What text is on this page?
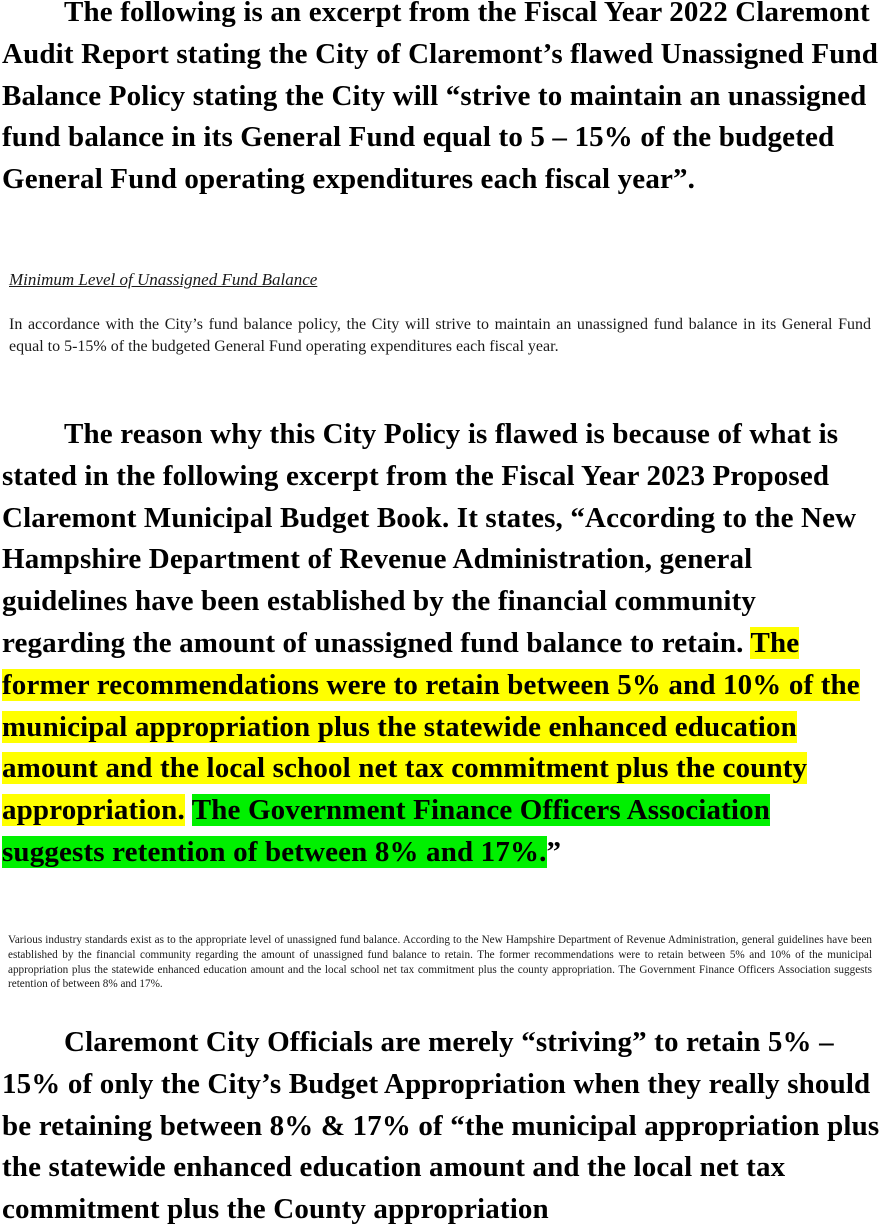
The following is an excerpt from the Fiscal Year 2022 Claremont Audit Report stating the City of Claremont’s flawed Unassigned Fund Balance Policy stating the City will “strive to maintain an unassigned fund balance in its General Fund equal to 5 – 15% of the budgeted General Fund operating expenditures each fiscal year”.

Minimum Level of Unassigned Fund Balance

In accordance with the City’s fund balance policy, the City will strive to maintain an unassigned fund balance in its General Fund equal to 5-15% of the budgeted General Fund operating expenditures each fiscal year.

The reason why this City Policy is flawed is because of what is stated in the following excerpt from the Fiscal Year 2023 Proposed Claremont Municipal Budget Book. It states, “According to the New Hampshire Department of Revenue Administration, general guidelines have been established by the financial community regarding the amount of unassigned fund balance to retain. The former recommendations were to retain between 5% and 10% of the municipal appropriation plus the statewide enhanced education amount and the local school net tax commitment plus the county appropriation. The Government Finance Officers Association suggests retention of between 8% and 17%.”

Various industry standards exist as to the appropriate level of unassigned fund balance. According to the New Hampshire Department of Revenue Administration, general guidelines have been established by the financial community regarding the amount of unassigned fund balance to retain. The former recommendations were to retain between 5% and 10% of the municipal appropriation plus the statewide enhanced education amount and the local school net tax commitment plus the county appropriation. The Government Finance Officers Association suggests retention of between 8% and 17%.

Claremont City Officials are merely “striving” to retain 5% – 15% of only the City’s Budget Appropriation when they really should be retaining between 8% & 17% of “the municipal appropriation plus the statewide enhanced education amount and the local net tax commitment plus the County appropriation
